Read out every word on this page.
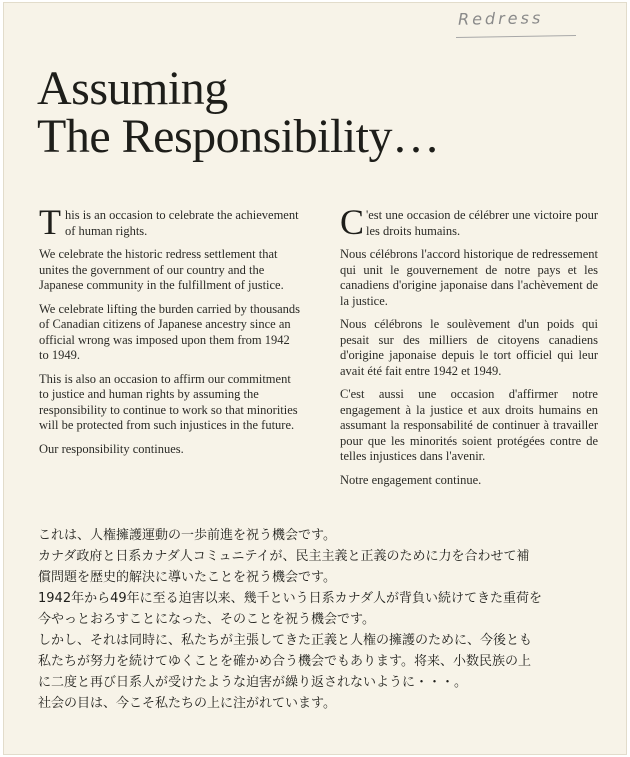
Redress
Assuming
The Responsibility…

T his is an occasion to celebrate the achievement of human rights.

We celebrate the historic redress settlement that unites the government of our country and the Japanese community in the fulfillment of justice.

We celebrate lifting the burden carried by thousands of Canadian citizens of Japanese ancestry since an official wrong was imposed upon them from 1942 to 1949.

This is also an occasion to affirm our commitment to justice and human rights by assuming the responsibility to continue to work so that minorities will be protected from such injustices in the future.

Our responsibility continues.

C 'est une occasion de célébrer une victoire pour les droits humains.

Nous célébrons l'accord historique de redressement qui unit le gouvernement de notre pays et les canadiens d'origine japonaise dans l'achèvement de la justice.

Nous célébrons le soulèvement d'un poids qui pesait sur des milliers de citoyens canadiens d'origine japonaise depuis le tort officiel qui leur avait été fait entre 1942 et 1949.

C'est aussi une occasion d'affirmer notre engagement à la justice et aux droits humains en assumant la responsabilité de continuer à travailler pour que les minorités soient protégées contre de telles injustices dans l'avenir.

Notre engagement continue.

これは、人権擁護運動の一歩前進を祝う機会です。

カナダ政府と日系カナダ人コミュニテイが、民主主義と正義のために力を合わせて補

償問題を歴史的解決に導いたことを祝う機会です。

1942年から49年に至る迫害以来、幾千という日系カナダ人が背負い続けてきた重荷を

今やっとおろすことになった、そのことを祝う機会です。

しかし、それは同時に、私たちが主張してきた正義と人権の擁護のために、今後とも

私たちが努力を続けてゆくことを確かめ合う機会でもあります。将来、小数民族の上

に二度と再び日系人が受けたような迫害が繰り返されないように・・・。

社会の目は、今こそ私たちの上に注がれています。
